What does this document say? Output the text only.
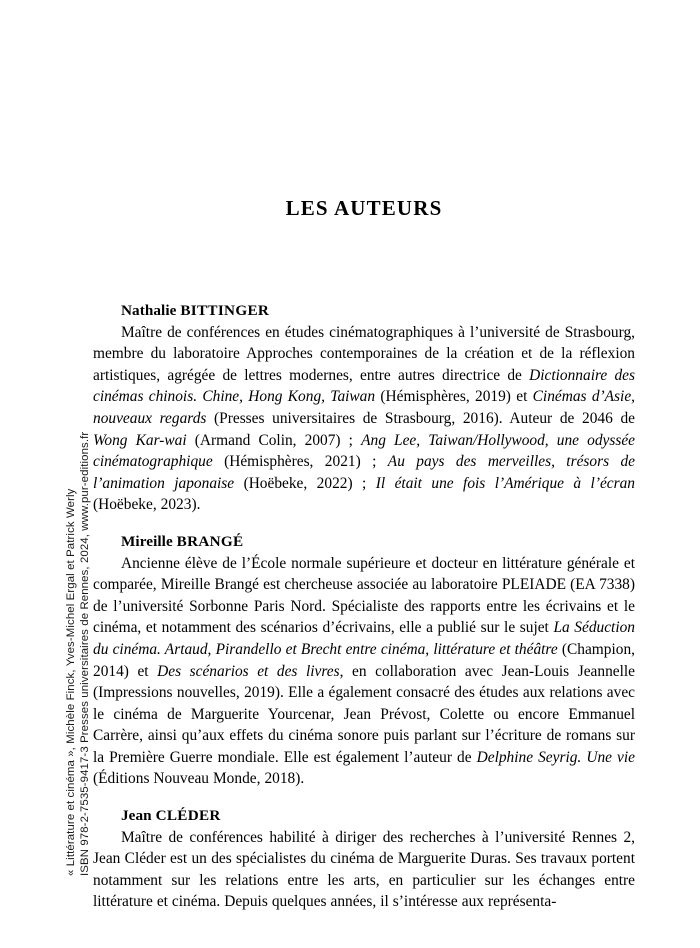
« Littérature et cinéma », Michèle Finck, Yves-Michel Ergal et Patrick Werly ISBN 978-2-7535-9417-3 Presses universitaires de Rennes, 2024, www.pur-editions.fr
LES AUTEURS

Nathalie BITTINGER

Maître de conférences en études cinématographiques à l’université de Strasbourg, membre du laboratoire Approches contemporaines de la création et de la réflexion artistiques, agrégée de lettres modernes, entre autres directrice de Dictionnaire des cinémas chinois. Chine, Hong Kong, Taiwan (Hémisphères, 2019) et Cinémas d’Asie, nouveaux regards (Presses universitaires de Strasbourg, 2016). Auteur de 2046 de Wong Kar-wai (Armand Colin, 2007) ; Ang Lee, Taiwan/Hollywood, une odyssée cinématographique (Hémisphères, 2021) ; Au pays des merveilles, trésors de l’animation japonaise (Hoëbeke, 2022) ; Il était une fois l’Amérique à l’écran (Hoëbeke, 2023).

Mireille BRANGÉ

Ancienne élève de l’École normale supérieure et docteur en littérature générale et comparée, Mireille Brangé est chercheuse associée au laboratoire PLEIADE (EA 7338) de l’université Sorbonne Paris Nord. Spécialiste des rapports entre les écrivains et le cinéma, et notamment des scénarios d’écrivains, elle a publié sur le sujet La Séduction du cinéma. Artaud, Pirandello et Brecht entre cinéma, littérature et théâtre (Champion, 2014) et Des scénarios et des livres, en collaboration avec Jean-Louis Jeannelle (Impressions nouvelles, 2019). Elle a également consacré des études aux relations avec le cinéma de Marguerite Yourcenar, Jean Prévost, Colette ou encore Emmanuel Carrère, ainsi qu’aux effets du cinéma sonore puis parlant sur l’écriture de romans sur la Première Guerre mondiale. Elle est également l’auteur de Delphine Seyrig. Une vie (Éditions Nouveau Monde, 2018).

Jean CLÉDER

Maître de conférences habilité à diriger des recherches à l’université Rennes 2, Jean Cléder est un des spécialistes du cinéma de Marguerite Duras. Ses travaux portent notamment sur les relations entre les arts, en particulier sur les échanges entre littérature et cinéma. Depuis quelques années, il s’intéresse aux représenta-
